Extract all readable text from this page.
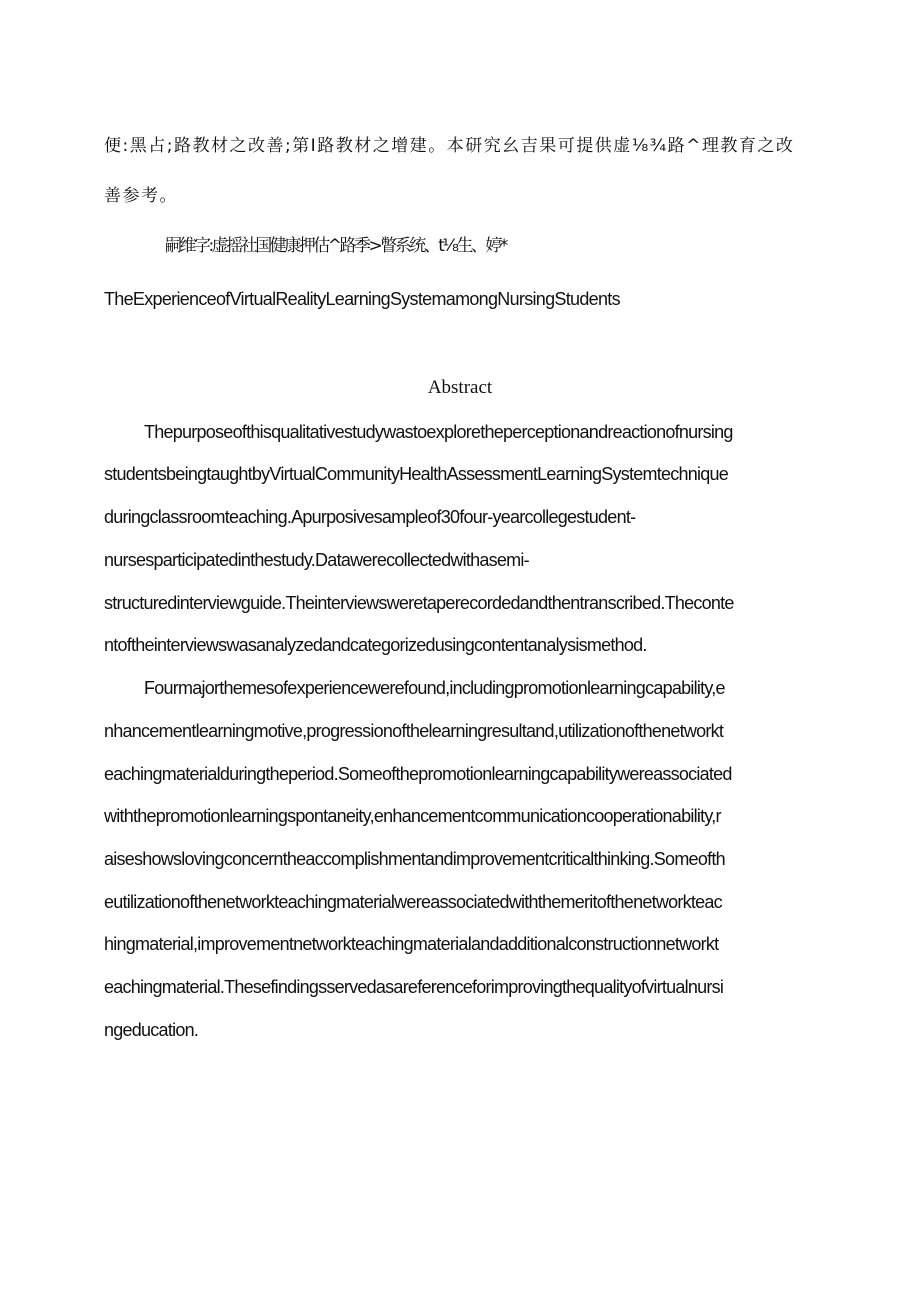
便:黑占;路教材之改善;第Ⅰ路教材之增建。本研究幺吉果可提供虚⅛¾路^理教育之改
善参考。
嗣维字:虚摇社国健康押估^路季>瞥系统、t⅛生、婷*
TheExperienceofVirtualRealityLearningSystemamongNursingStudents
Abstract
Thepurposeofthisqualitativestudywastoexploretheperceptionandreactionofnursing
studentsbeingtaughtbyVirtualCommunityHealthAssessmentLearningSystemtechnique
duringclassroomteaching.Apurposivesampleof30four-yearcollegestudent-
nursesparticipatedinthestudy.Datawerecollectedwithasemi-
structuredinterviewguide.Theinterviewsweretaperecordedandthentranscribed.Theconte
ntoftheinterviewswasanalyzedandcategorizedusingcontentanalysismethod.
Fourmajorthemesofexperiencewerefound,includingpromotionlearningcapability,e
nhancementlearningmotive,progressionofthelearningresultand,utilizationofthenetworkt
eachingmaterialduringtheperiod.Someofthepromotionlearningcapabilitywereassociated
withthepromotionlearningspontaneity,enhancementcommunicationcooperationability,r
aiseshowslovingconcerntheaccomplishmentandimprovementcriticalthinking.Someofth
eutilizationofthenetworkteachingmaterialwereassociatedwiththemeritofthenetworkteac
hingmaterial,improvementnetworkteachingmaterialandadditionalconstructionnetworkt
eachingmaterial.Thesefindingsservedasareferenceforimprovingthequalityofvirtualnursi
ngeducation.
